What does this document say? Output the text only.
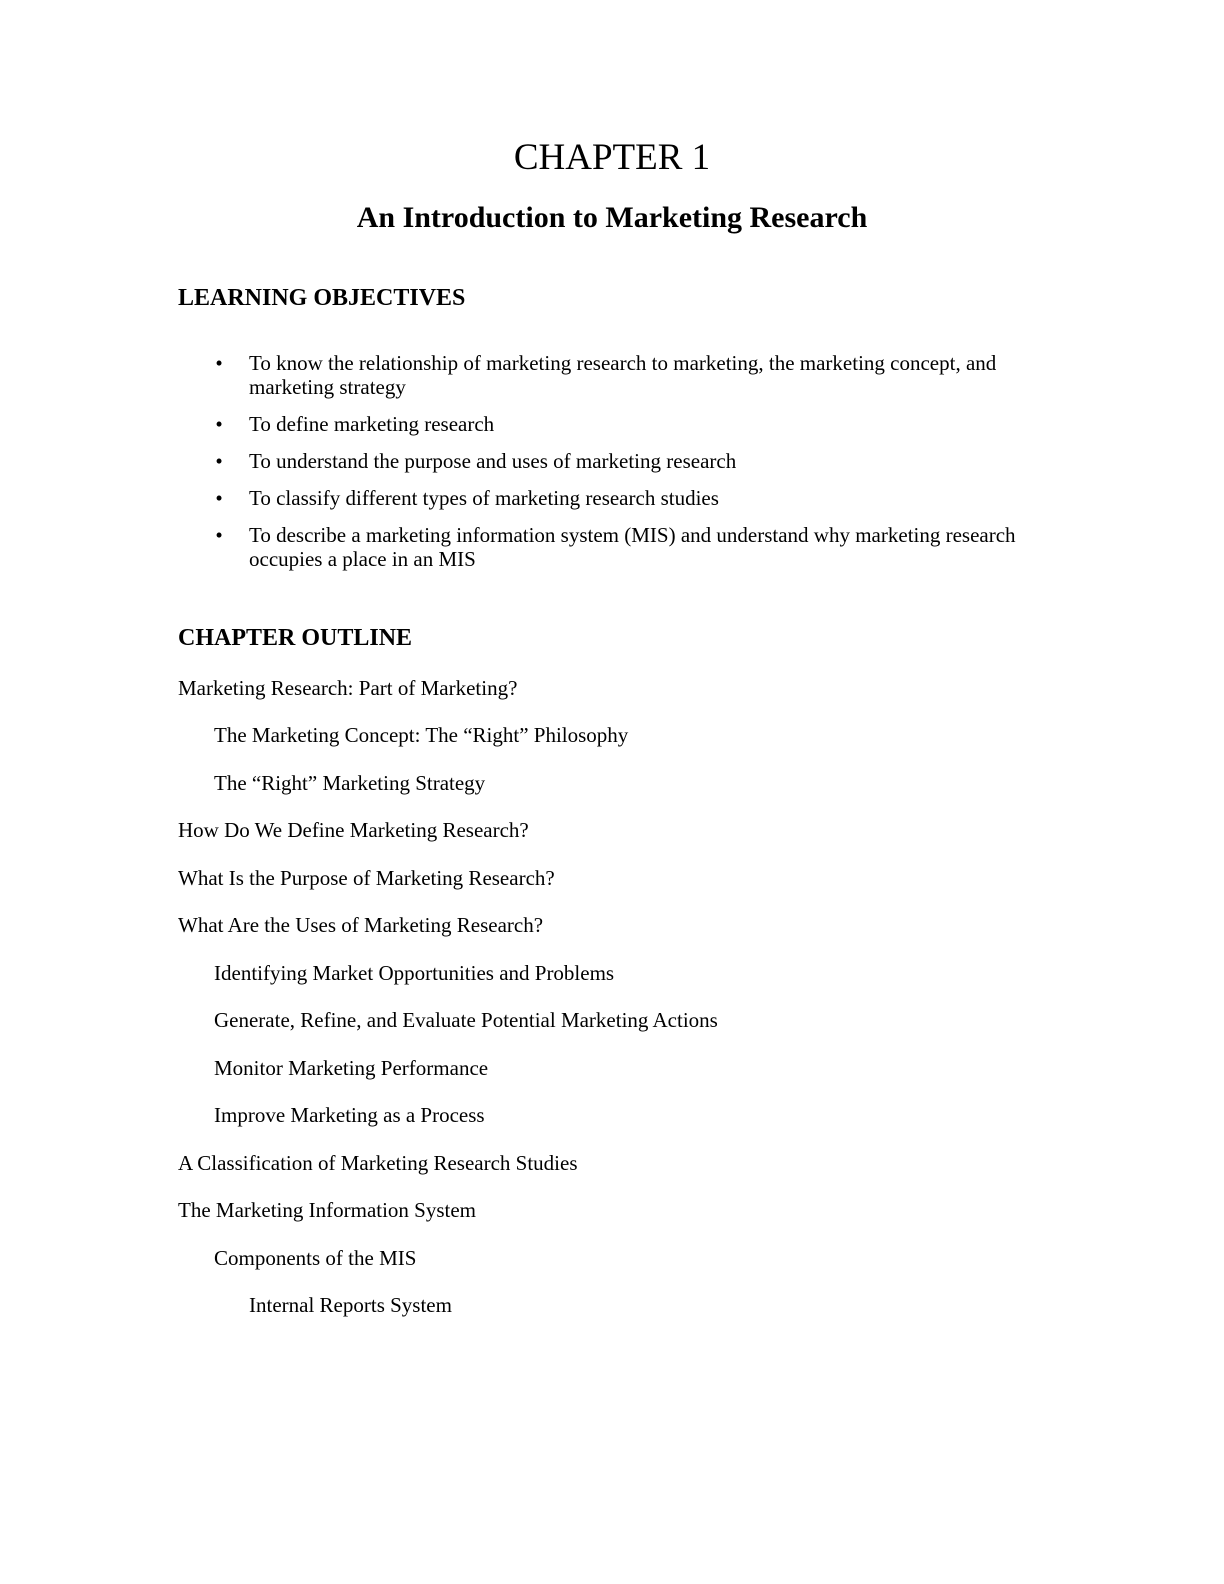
CHAPTER 1
An Introduction to Marketing Research
LEARNING OBJECTIVES
• To know the relationship of marketing research to marketing, the marketing concept, and marketing strategy
• To define marketing research
• To understand the purpose and uses of marketing research
• To classify different types of marketing research studies
• To describe a marketing information system (MIS) and understand why marketing research occupies a place in an MIS
CHAPTER OUTLINE
Marketing Research: Part of Marketing?
The Marketing Concept: The “Right” Philosophy
The “Right” Marketing Strategy
How Do We Define Marketing Research?
What Is the Purpose of Marketing Research?
What Are the Uses of Marketing Research?
Identifying Market Opportunities and Problems
Generate, Refine, and Evaluate Potential Marketing Actions
Monitor Marketing Performance
Improve Marketing as a Process
A Classification of Marketing Research Studies
The Marketing Information System
Components of the MIS
Internal Reports System
